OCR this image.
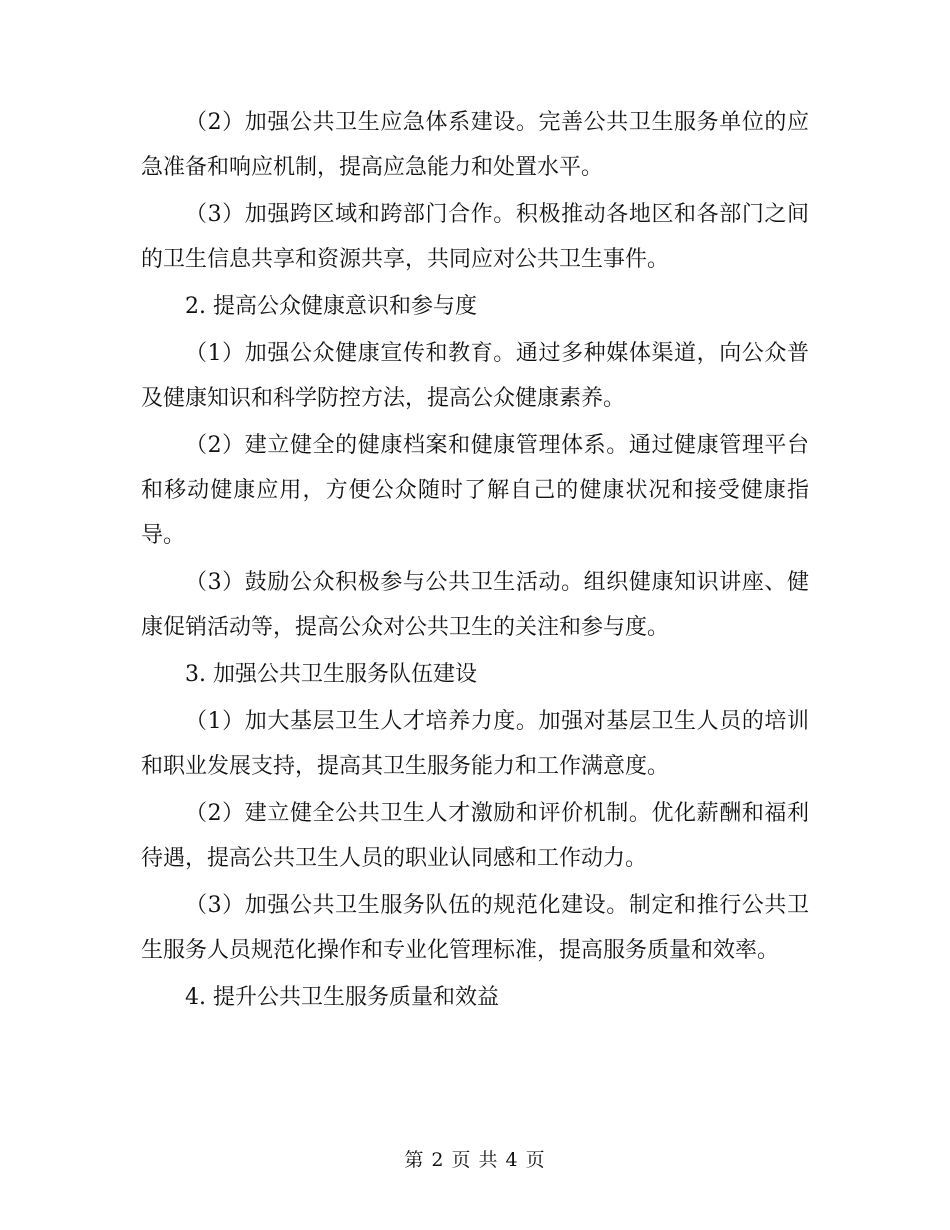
（2）加强公共卫生应急体系建设。完善公共卫生服务单位的应急准备和响应机制，提高应急能力和处置水平。

（3）加强跨区域和跨部门合作。积极推动各地区和各部门之间的卫生信息共享和资源共享，共同应对公共卫生事件。

2. 提高公众健康意识和参与度

（1）加强公众健康宣传和教育。通过多种媒体渠道，向公众普及健康知识和科学防控方法，提高公众健康素养。

（2）建立健全的健康档案和健康管理体系。通过健康管理平台和移动健康应用，方便公众随时了解自己的健康状况和接受健康指导。

（3）鼓励公众积极参与公共卫生活动。组织健康知识讲座、健康促销活动等，提高公众对公共卫生的关注和参与度。

3. 加强公共卫生服务队伍建设

（1）加大基层卫生人才培养力度。加强对基层卫生人员的培训和职业发展支持，提高其卫生服务能力和工作满意度。

（2）建立健全公共卫生人才激励和评价机制。优化薪酬和福利待遇，提高公共卫生人员的职业认同感和工作动力。

（3）加强公共卫生服务队伍的规范化建设。制定和推行公共卫生服务人员规范化操作和专业化管理标准，提高服务质量和效率。

4. 提升公共卫生服务质量和效益

第 2 页 共 4 页
